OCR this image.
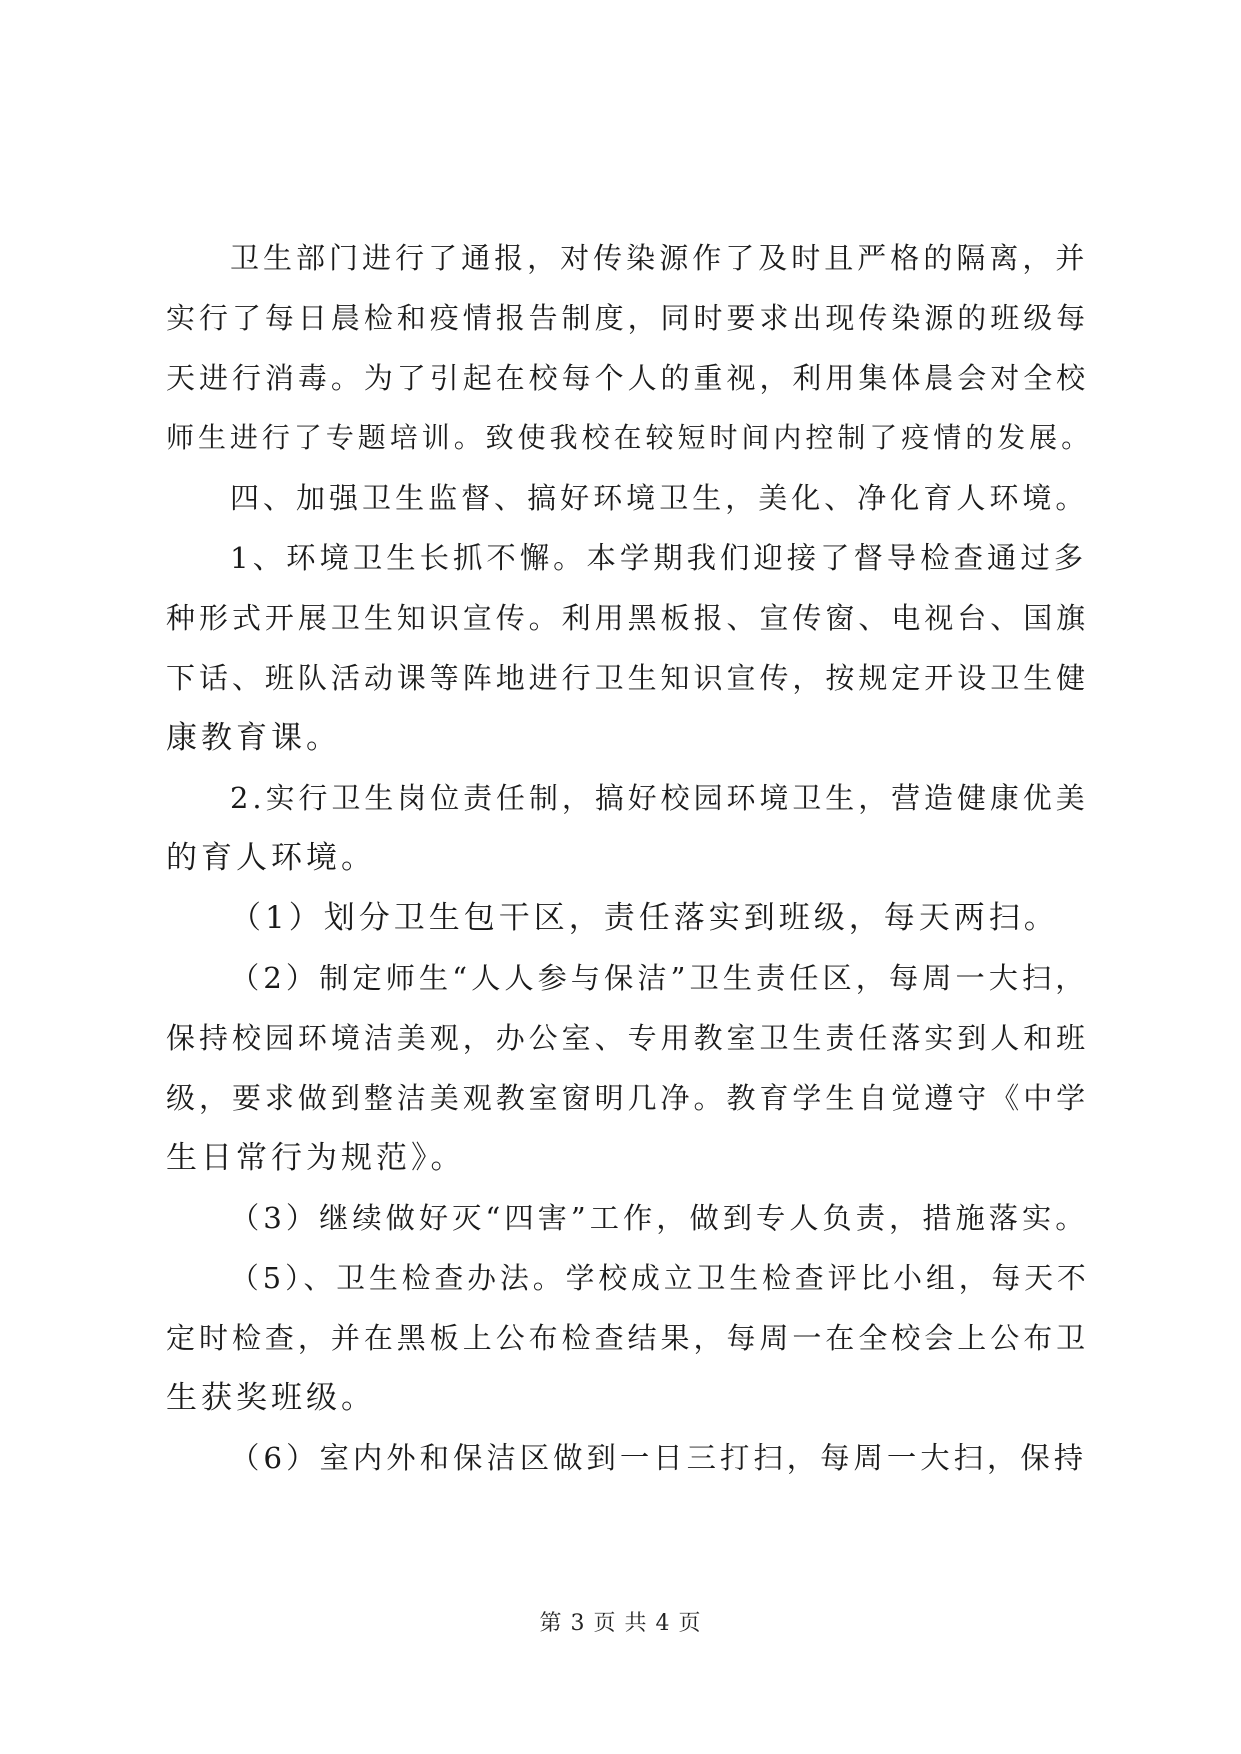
卫生部门进行了通报，对传染源作了及时且严格的隔离，并

实行了每日晨检和疫情报告制度，同时要求出现传染源的班级每
天进行消毒。为了引起在校每个人的重视，利用集体晨会对全校
师生进行了专题培训。致使我校在较短时间内控制了疫情的发展。

四、加强卫生监督、搞好环境卫生，美化、净化育人环境。

1、环境卫生长抓不懈。本学期我们迎接了督导检查通过多

种形式开展卫生知识宣传。利用黑板报、宣传窗、电视台、国旗
下话、班队活动课等阵地进行卫生知识宣传，按规定开设卫生健
康教育课。

2.实行卫生岗位责任制，搞好校园环境卫生，营造健康优美

的育人环境。

（1）划分卫生包干区，责任落实到班级，每天两扫。

（2）制定师生“人人参与保洁”卫生责任区，每周一大扫，

保持校园环境洁美观，办公室、专用教室卫生责任落实到人和班
级，要求做到整洁美观教室窗明几净。教育学生自觉遵守《中学
生日常行为规范》。

（3）继续做好灭“四害”工作，做到专人负责，措施落实。

（5）、卫生检查办法。学校成立卫生检查评比小组，每天不

定时检查，并在黑板上公布检查结果，每周一在全校会上公布卫
生获奖班级。

（6）室内外和保洁区做到一日三打扫，每周一大扫，保持

第 3 页 共 4 页
